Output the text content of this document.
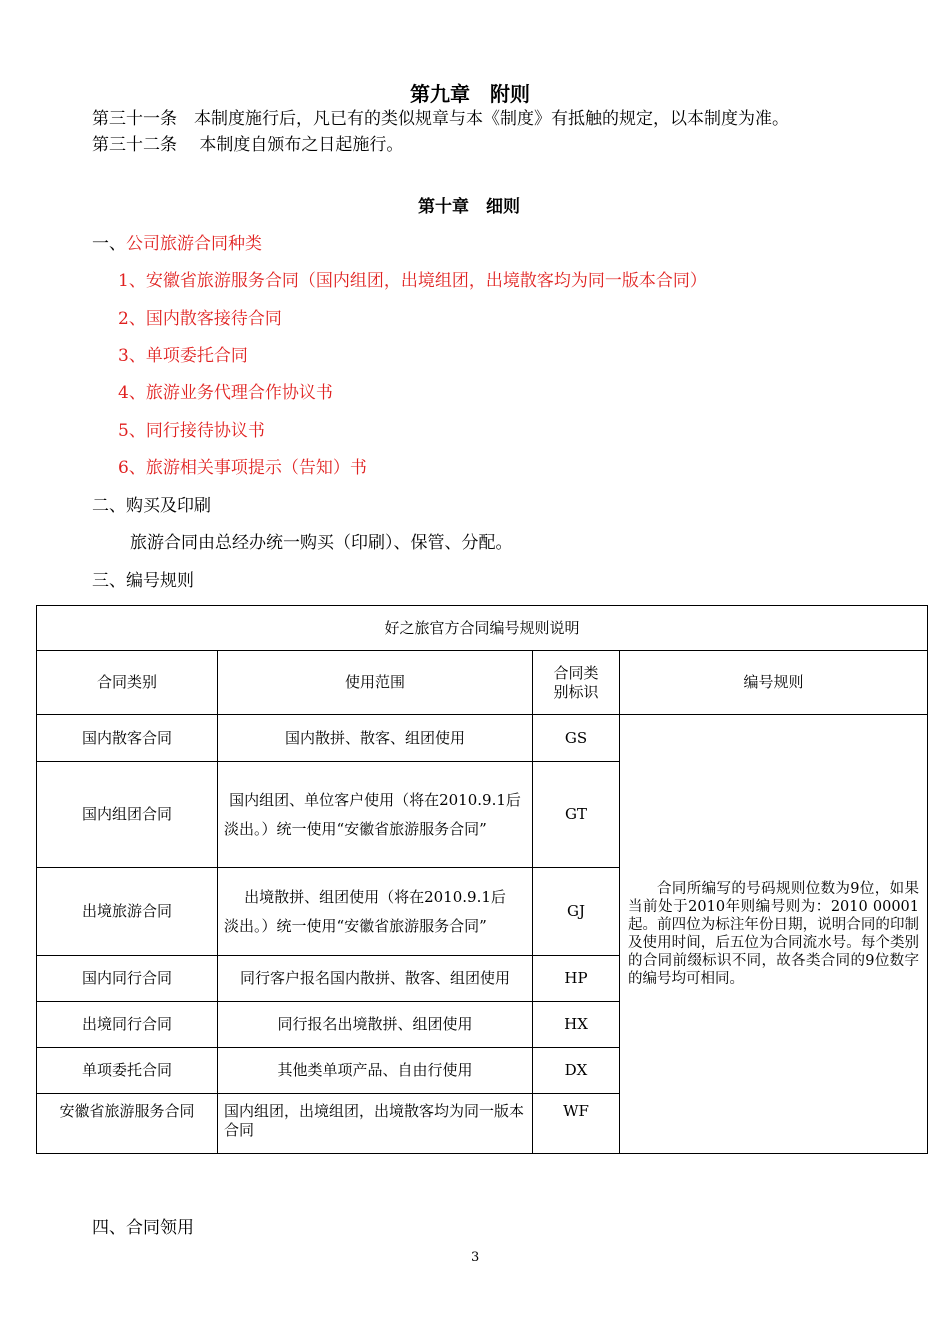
第九章　附则
第三十一条　本制度施行后，凡已有的类似规章与本《制度》有抵触的规定，以本制度为准。
第三十二条　 本制度自颁布之日起施行。
第十章　细则
一、公司旅游合同种类
1、安徽省旅游服务合同（国内组团，出境组团，出境散客均为同一版本合同）
2、国内散客接待合同
3、单项委托合同
4、旅游业务代理合作协议书
5、同行接待协议书
6、旅游相关事项提示（告知）书
二、购买及印刷
旅游合同由总经办统一购买（印刷）、保管、分配。
三、编号规则
好之旅官方合同编号规则说明			
合同类别	使用范围	合同类
别标识	编号规则
国内散客合同	国内散拼、散客、组团使用	GS	合同所编写的号码规则位数为9位，如果当前处于2010年则编号则为：2010 00001起。前四位为标注年份日期，说明合同的印制及使用时间，后五位为合同流水号。每个类别的合同前缀标识不同，故各类合同的9位数字的编号均可相同。
国内组团合同	国内组团、单位客户使用（将在2010.9.1后
淡出。）统一使用“安徽省旅游服务合同”	GT	
出境旅游合同	出境散拼、组团使用（将在2010.9.1后
淡出。）统一使用“安徽省旅游服务合同”	GJ	
国内同行合同	同行客户报名国内散拼、散客、组团使用	HP	
出境同行合同	同行报名出境散拼、组团使用	HX	
单项委托合同	其他类单项产品、自由行使用	DX	
安徽省旅游服务合同	国内组团，出境组团，出境散客均为同一版本合同	WF	
四、合同领用
3
